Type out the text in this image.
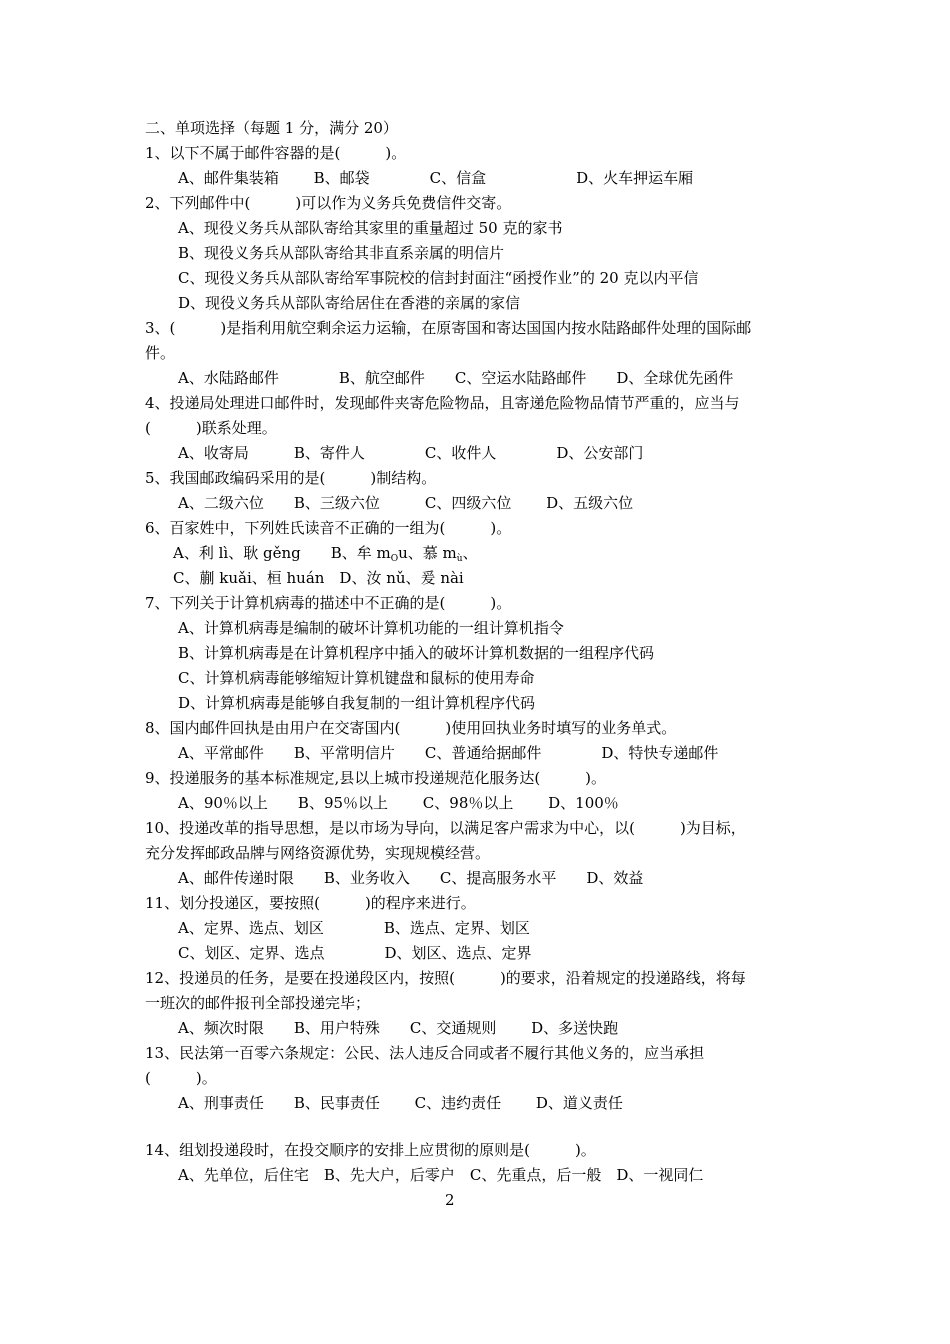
二、单项选择（每题 1 分，满分 20）
1、以下不属于邮件容器的是(　　　)。
A、邮件集装箱　　 B、邮袋　　　　C、信盒　　　　　　D、火车押运车厢
2、下列邮件中(　　　)可以作为义务兵免费信件交寄。
A、现役义务兵从部队寄给其家里的重量超过 50 克的家书
B、现役义务兵从部队寄给其非直系亲属的明信片
C、现役义务兵从部队寄给军事院校的信封封面注“函授作业”的 20 克以内平信
D、现役义务兵从部队寄给居住在香港的亲属的家信
3、(　　　)是指利用航空剩余运力运输，在原寄国和寄达国国内按水陆路邮件处理的国际邮
件。
A、水陆路邮件　　　　B、航空邮件　　C、空运水陆路邮件　　D、全球优先函件
4、投递局处理进口邮件时，发现邮件夹寄危险物品，且寄递危险物品情节严重的，应当与
(　　　)联系处理。
A、收寄局　　　B、寄件人　　　　C、收件人　　　　D、公安部门
5、我国邮政编码采用的是(　　　)制结构。
A、二级六位　　B、三级六位　　　C、四级六位　　 D、五级六位
6、百家姓中，下列姓氏读音不正确的一组为(　　　)。
A、利 lì、耿 gěng　　B、牟 $m_Ou$、慕 $m_ù$、
C、蒯 kuǎi、桓 huán　D、汝 nǔ、爰 nài
7、下列关于计算机病毒的描述中不正确的是(　　　)。
A、计算机病毒是编制的破坏计算机功能的一组计算机指令
B、计算机病毒是在计算机程序中插入的破坏计算机数据的一组程序代码
C、计算机病毒能够缩短计算机键盘和鼠标的使用寿命
D、计算机病毒是能够自我复制的一组计算机程序代码
8、国内邮件回执是由用户在交寄国内(　　　)使用回执业务时填写的业务单式。
A、平常邮件　　B、平常明信片　　C、普通给据邮件　　　　D、特快专递邮件
9、投递服务的基本标准规定,县以上城市投递规范化服务达(　　　)。
A、90％以上　　B、95％以上　　 C、98％以上　　 D、100％
10、投递改革的指导思想，是以市场为导向，以满足客户需求为中心，以(　　　)为目标，
充分发挥邮政品牌与网络资源优势，实现规模经营。
A、邮件传递时限　　B、业务收入　　C、提高服务水平　　D、效益
11、划分投递区，要按照(　　　)的程序来进行。
A、定界、选点、划区　　　　B、选点、定界、划区
C、划区、定界、选点　　　　D、划区、选点、定界
12、投递员的任务，是要在投递段区内，按照(　　　)的要求，沿着规定的投递路线，将每
一班次的邮件报刊全部投递完毕；
A、频次时限　　B、用户特殊　　C、交通规则　　 D、多送快跑
13、民法第一百零六条规定：公民、法人违反合同或者不履行其他义务的，应当承担
(　　　)。
A、刑事责任　　B、民事责任　　 C、违约责任　　 D、道义责任
14、组划投递段时，在投交顺序的安排上应贯彻的原则是(　　　)。
A、先单位，后住宅　B、先大户，后零户　C、先重点，后一般　D、一视同仁
2
